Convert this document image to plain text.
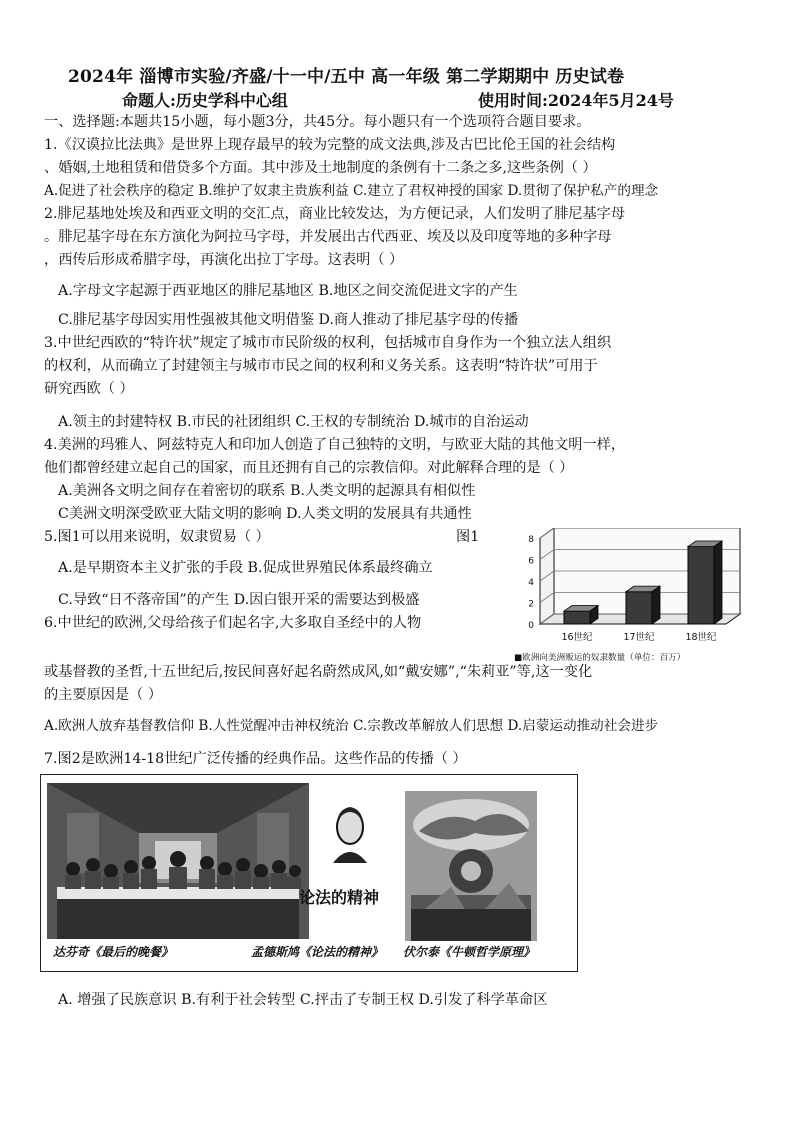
2024年 淄博市实验/齐盛/十一中/五中 高一年级 第二学期期中 历史试卷
命题人:历史学科中心组	使用时间:2024年5月24号
一、选择题:本题共15小题，每小题3分，共45分。每小题只有一个选项符合题目要求。
1.《汉谟拉比法典》是世界上现存最早的较为完整的成文法典,涉及古巴比伦王国的社会结构
、婚姻,土地租赁和借贷多个方面。其中涉及土地制度的条例有十二条之多,这些条例（ ）
A.促进了社会秩序的稳定 B.维护了奴隶主贵族利益 C.建立了君权神授的国家 D.贯彻了保护私产的理念
2.腓尼基地处埃及和西亚文明的交汇点，商业比较发达，为方便记录，人们发明了腓尼基字母
。腓尼基字母在东方演化为阿拉马字母，并发展出古代西亚、埃及以及印度等地的多种字母
，西传后形成希腊字母，再演化出拉丁字母。这表明（ ）
A.字母文字起源于西亚地区的腓尼基地区 B.地区之间交流促进文字的产生
C.腓尼基字母因实用性强被其他文明借鉴 D.商人推动了排尼基字母的传播
3.中世纪西欧的“特许状”规定了城市市民阶级的权利，包括城市自身作为一个独立法人组织
的权利，从而确立了封建领主与城市市民之间的权利和义务关系。这表明“特许状”可用于
研究西欧（ ）
A.领主的封建特权 B.市民的社团组织 C.王权的专制统治 D.城市的自治运动
4.美洲的玛雅人、阿兹特克人和印加人创造了自己独特的文明，与欧亚大陆的其他文明一样，
他们都曾经建立起自己的国家，而且还拥有自己的宗教信仰。对此解释合理的是（ ）
A.美洲各文明之间存在着密切的联系 B.人类文明的起源具有相似性
C美洲文明深受欧亚大陆文明的影响 D.人类文明的发展具有共通性
5.图1可以用来说明，奴隶贸易（ ）	图1
A.是早期资本主义扩张的手段 B.促成世界殖民体系最终确立
C.导致“日不落帝国”的产生 D.因白银开采的需要达到极盛
6.中世纪的欧洲,父母给孩子们起名字,大多取自圣经中的人物
或基督教的圣哲,十五世纪后,按民间喜好起名蔚然成风,如“戴安娜”,“朱莉亚”等,这一变化
的主要原因是（ ）
A.欧洲人放弃基督教信仰 B.人性觉醒冲击神权统治 C.宗教改革解放人们思想 D.启蒙运动推动社会进步
0
2
4
6
8
16世纪	17世纪	18世纪
■欧洲向美洲贩运的奴隶数量（单位：百万）
7.图2是欧洲14-18世纪广泛传播的经典作品。这些作品的传播（ ）
论法的精神
达芬奇《最后的晚餐》	孟德斯鸠《论法的精神》 伏尔泰《牛顿哲学原理》
A. 增强了民族意识 B.有利于社会转型 C.抨击了专制王权 D.引发了科学革命区
